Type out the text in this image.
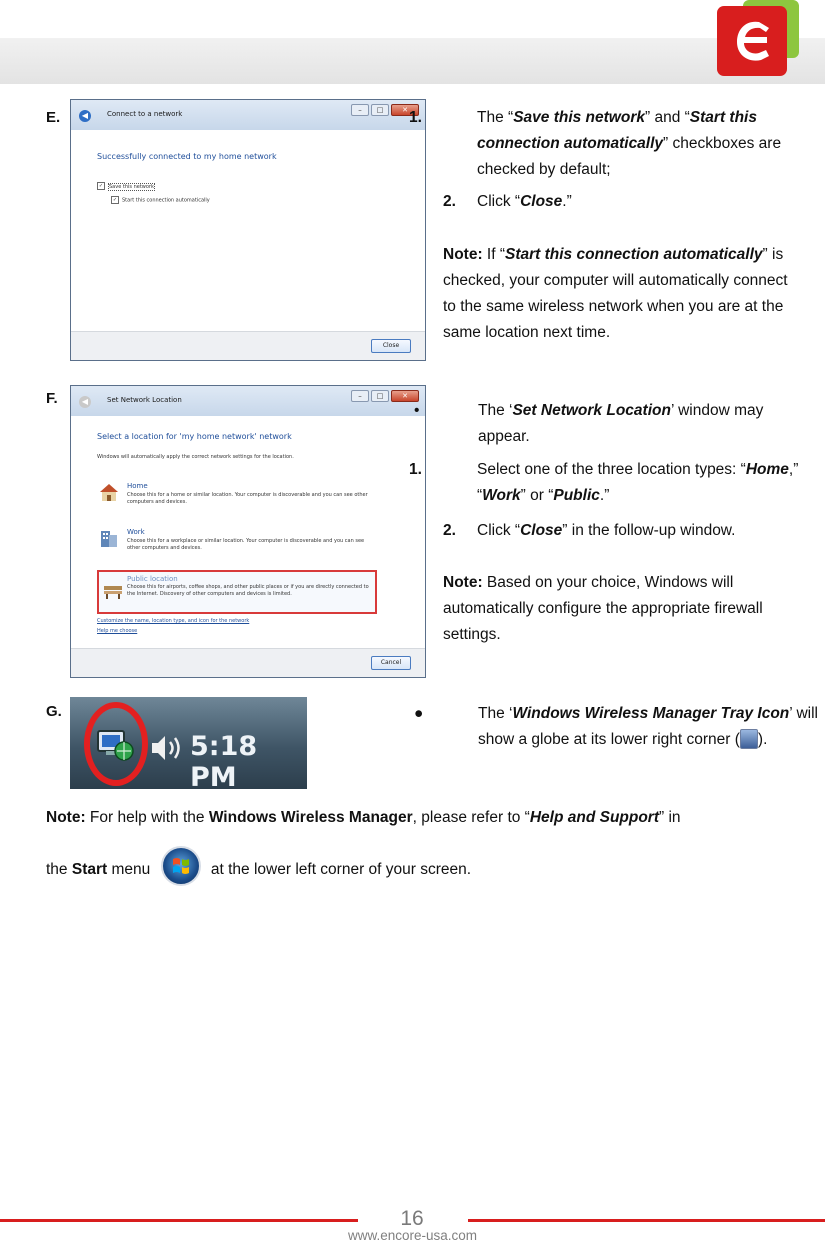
E.	◀	Connect to a network	–	□	✕
Successfully connected to my home network
✓ Save this network
✓ Start this connection automatically
Close
1.	The “Save this network” and “Start this connection automatically” checkboxes are checked by default;
2. Click “Close.”
Note: If “Start this connection automatically” is checked, your computer will automatically connect to the same wireless network when you are at the same location next time.
F.	◀	Set Network Location	–	□	✕
Select a location for 'my home network' network
Windows will automatically apply the correct network settings for the location.
Home
Choose this for a home or similar location. Your computer is discoverable and you can see other computers and devices.
Work
Choose this for a workplace or similar location. Your computer is discoverable and you can see other computers and devices.
Public location
Choose this for airports, coffee shops, and other public places or if you are directly connected to the Internet. Discovery of other computers and devices is limited.
Customize the name, location type, and icon for the network
Help me choose
Cancel
•	The ‘Set Network Location’ window may appear.
1.	Select one of the three location types: “Home,” “Work” or “Public.”
2. Click “Close” in the follow-up window.
Note: Based on your choice, Windows will automatically configure the appropriate firewall settings.
G.
5:18 PM
●	The ‘Windows Wireless Manager Tray Icon’ will show a globe at its lower right corner ( ).
Note: For help with the Windows Wireless Manager, please refer to “Help and Support” in
the Start menu	at the lower left corner of your screen.
16
www.encore-usa.com
